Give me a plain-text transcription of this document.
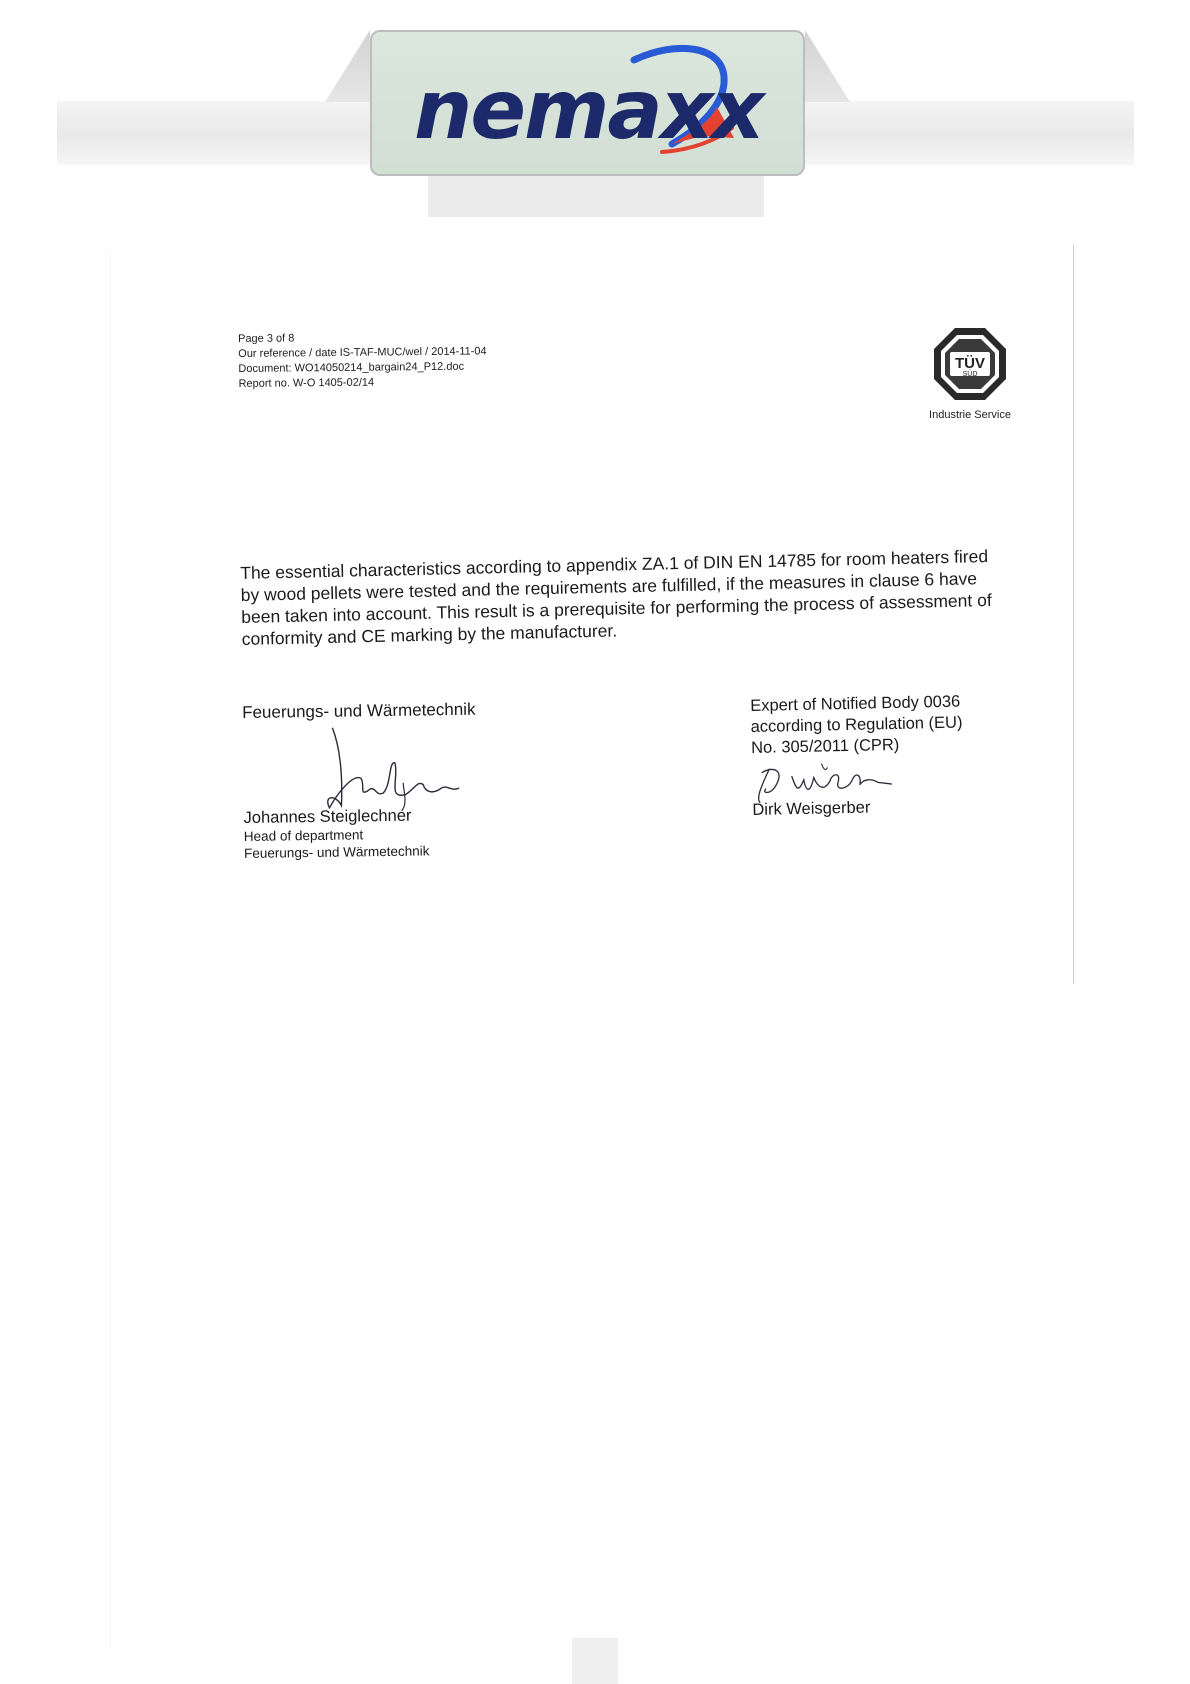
nemaxx
Page 3 of 8
Our reference / date IS-TAF-MUC/wel / 2014-11-04
Document: WO14050214_bargain24_P12.doc
Report no. W-O 1405-02/14
TÜV
SÜD
Industrie Service
The essential characteristics according to appendix ZA.1 of DIN EN 14785 for room heaters fired by wood pellets were tested and the requirements are fulfilled, if the measures in clause 6 have been taken into account. This result is a prerequisite for performing the process of assessment of conformity and CE marking by the manufacturer.
Feuerungs- und Wärmetechnik
Johannes Steiglechner
Head of department
Feuerungs- und Wärmetechnik
Expert of Notified Body 0036
according to Regulation (EU)
No. 305/2011 (CPR)
Dirk Weisgerber
